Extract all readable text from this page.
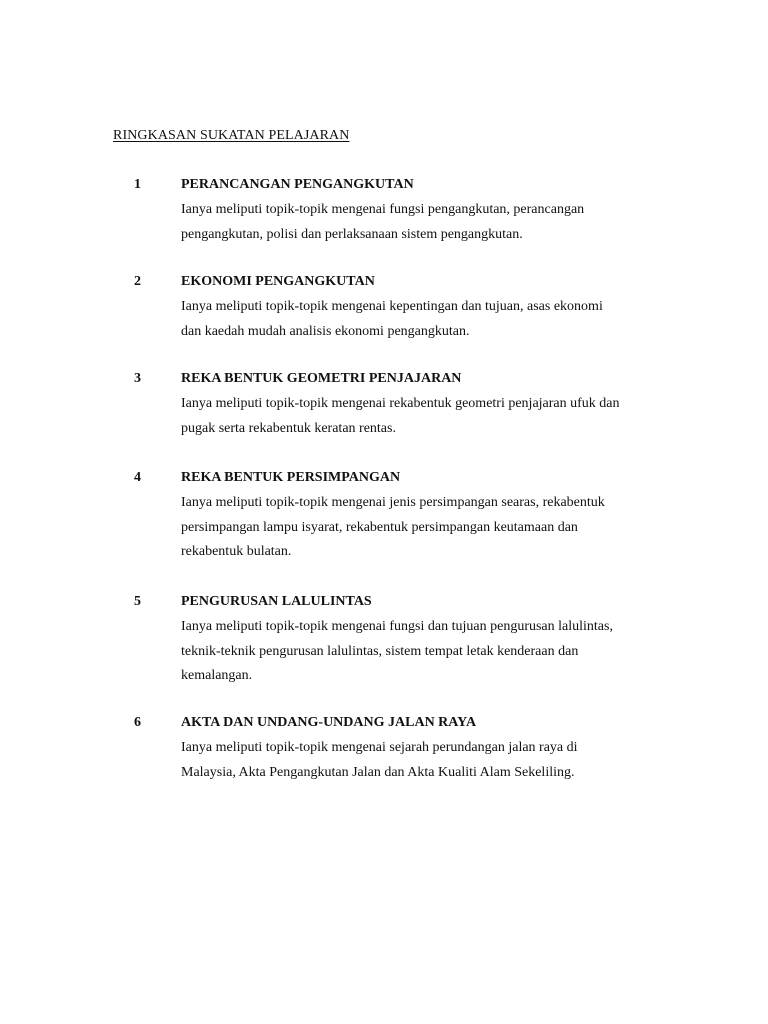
RINGKASAN SUKATAN PELAJARAN
1	PERANCANGAN PENGANGKUTAN
Ianya meliputi topik-topik mengenai fungsi pengangkutan, perancangan
pengangkutan, polisi dan perlaksanaan sistem pengangkutan.
2	EKONOMI PENGANGKUTAN
Ianya meliputi topik-topik mengenai kepentingan dan tujuan, asas ekonomi
dan kaedah mudah analisis ekonomi pengangkutan.
3	REKA BENTUK GEOMETRI PENJAJARAN
Ianya meliputi topik-topik mengenai rekabentuk geometri penjajaran ufuk dan
pugak serta rekabentuk keratan rentas.
4	REKA BENTUK PERSIMPANGAN
Ianya meliputi topik-topik mengenai jenis persimpangan searas, rekabentuk
persimpangan lampu isyarat, rekabentuk persimpangan keutamaan dan
rekabentuk bulatan.
5	PENGURUSAN LALULINTAS
Ianya meliputi topik-topik mengenai fungsi dan tujuan pengurusan lalulintas,
teknik-teknik pengurusan lalulintas, sistem tempat letak kenderaan dan
kemalangan.
6	AKTA DAN UNDANG-UNDANG JALAN RAYA
Ianya meliputi topik-topik mengenai sejarah perundangan jalan raya di
Malaysia, Akta Pengangkutan Jalan dan Akta Kualiti Alam Sekeliling.
